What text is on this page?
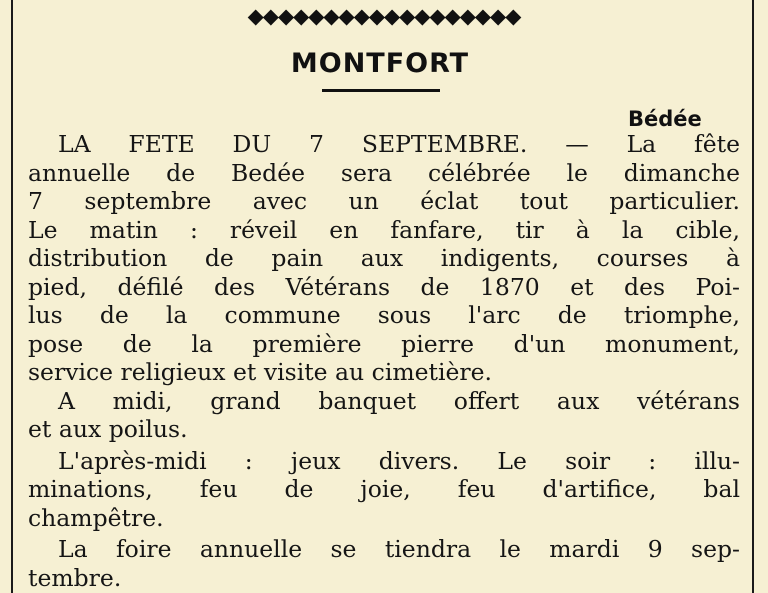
◆◆◆◆◆◆◆◆◆◆◆◆◆◆◆◆◆◆
MONTFORT
Bédée
LA FETE DU 7 SEPTEMBRE. — La fête
annuelle de Bedée sera célébrée le dimanche
7 septembre avec un éclat tout particulier.
Le matin : réveil en fanfare, tir à la cible,
distribution de pain aux indigents, courses à
pied, défilé des Vétérans de 1870 et des Poi-
lus de la commune sous l'arc de triomphe,
pose de la première pierre d'un monument,
service religieux et visite au cimetière.
A midi, grand banquet offert aux vétérans
et aux poilus.
L'après-midi : jeux divers. Le soir : illu-
minations, feu de joie, feu d'artifice, bal
champêtre.
La foire annuelle se tiendra le mardi 9 sep-
tembre.
